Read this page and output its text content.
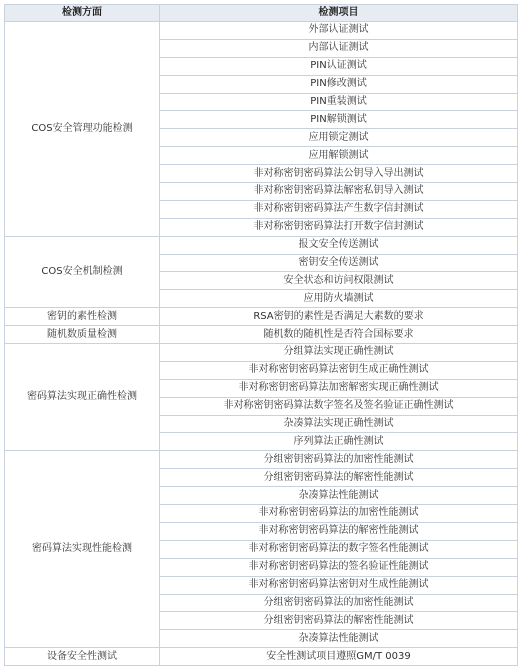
检测方面	检测项目
COS安全管理功能检测	外部认证测试
	内部认证测试
	PIN认证测试
	PIN修改测试
	PIN重装测试
	PIN解锁测试
	应用锁定测试
	应用解锁测试
	非对称密钥密码算法公钥导入导出测试
	非对称密钥密码算法解密私钥导入测试
	非对称密钥密码算法产生数字信封测试
	非对称密钥密码算法打开数字信封测试
COS安全机制检测	报文安全传送测试
	密钥安全传送测试
	安全状态和访问权限测试
	应用防火墙测试
密钥的素性检测	RSA密钥的素性是否满足大素数的要求
随机数质量检测	随机数的随机性是否符合国标要求
密码算法实现正确性检测	分组算法实现正确性测试
	非对称密钥密码算法密钥生成正确性测试
	非对称密钥密码算法加密解密实现正确性测试
	非对称密钥密码算法数字签名及签名验证正确性测试
	杂凑算法实现正确性测试
	序列算法正确性测试
密码算法实现性能检测	分组密钥密码算法的加密性能测试
	分组密钥密码算法的解密性能测试
	杂凑算法性能测试
	非对称密钥密码算法的加密性能测试
	非对称密钥密码算法的解密性能测试
	非对称密钥密码算法的数字签名性能测试
	非对称密钥密码算法的签名验证性能测试
	非对称密钥密码算法密钥对生成性能测试
	分组密钥密码算法的加密性能测试
	分组密钥密码算法的解密性能测试
	杂凑算法性能测试
设备安全性测试	安全性测试项目遵照GM/T 0039
